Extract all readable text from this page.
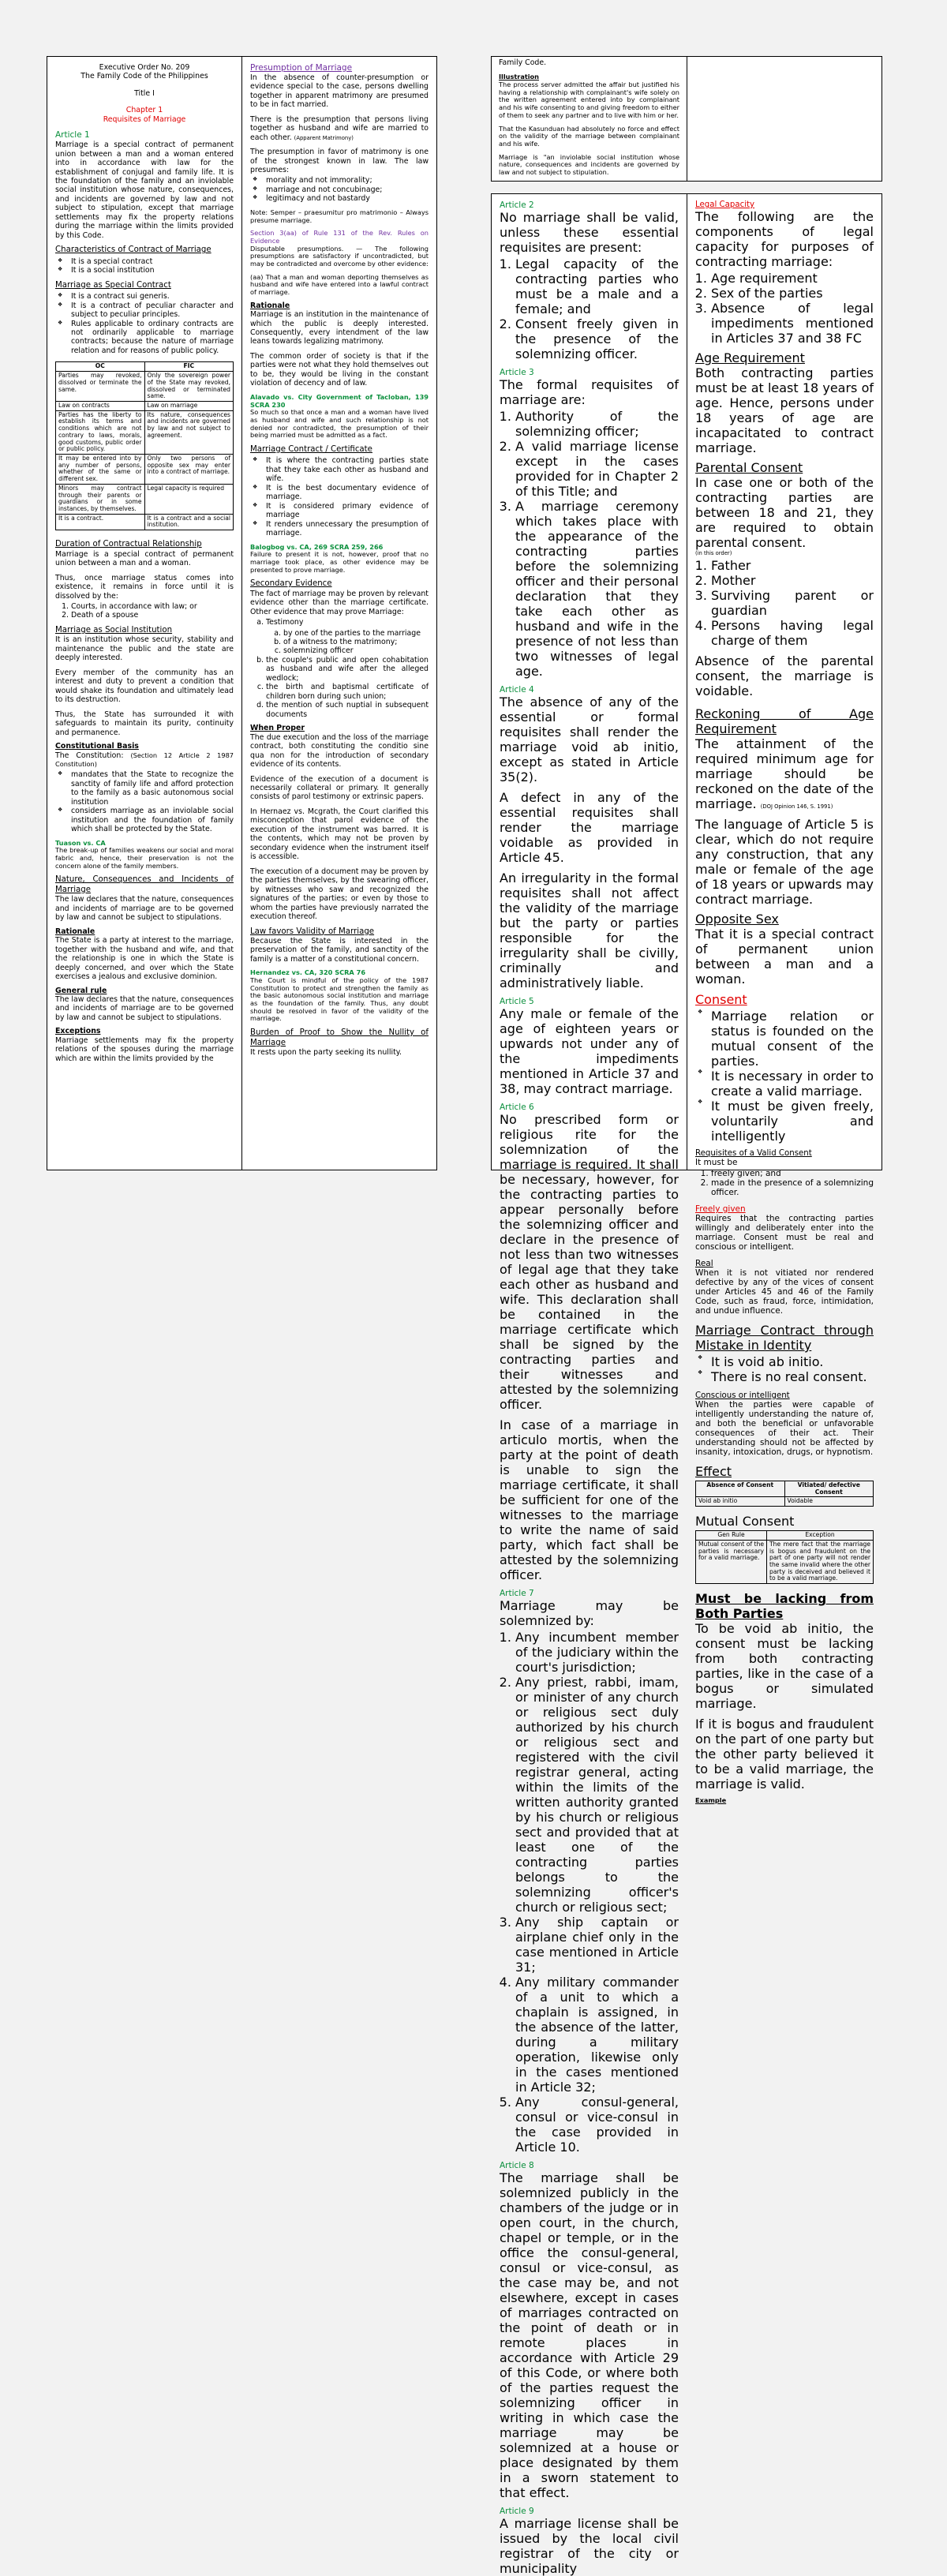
Executive Order No. 209

The Family Code of the Philippines

Title I

Chapter 1

Requisites of Marriage

Article 1
Marriage is a special contract of permanent union between a man and a woman entered into in accordance with law for the establishment of conjugal and family life. It is the foundation of the family and an inviolable social institution whose nature, consequences, and incidents are governed by law and not subject to stipulation, except that marriage settlements may fix the property relations during the marriage within the limits provided by this Code.
Characteristics of Contract of Marriage
❖ It is a special contract
❖ It is a social institution
Marriage as Special Contract
❖ It is a contract sui generis.
❖ It is a contract of peculiar character and subject to peculiar principles.
❖ Rules applicable to ordinary contracts are not ordinarily applicable to marriage contracts; because the nature of marriage relation and for reasons of public policy.
OC	FIC
Parties may revoked, dissolved or terminate the same.	Only the sovereign power of the State may revoked, dissolved or terminated same.
Law on contracts	Law on marriage
Parties has the liberty to establish its terms and conditions which are not contrary to laws, morals, good customs, public order or public policy.	Its nature, consequences and incidents are governed by law and not subject to agreement.
It may be entered into by any number of persons, whether of the same or different sex.	Only two persons of opposite sex may enter into a contract of marriage.
Minors may contract through their parents or guardians or in some instances, by themselves.	Legal capacity is required
It is a contract.	It is a contract and a social institution.
Duration of Contractual Relationship
Marriage is a special contract of permanent union between a man and a woman.

Thus, once marriage status comes into existence, it remains in force until it is dissolved by the:

1. Courts, in accordance with law; or
2. Death of a spouse
Marriage as Social Institution
It is an institution whose security, stability and maintenance the public and the state are deeply interested.

Every member of the community has an interest and duty to prevent a condition that would shake its foundation and ultimately lead to its destruction.

Thus, the State has surrounded it with safeguards to maintain its purity, continuity and permanence.

Constitutional Basis
The Constitution: (Section 12 Article 2 1987 Constitution)
❖ mandates that the State to recognize the sanctity of family life and afford protection to the family as a basic autonomous social institution
❖ considers marriage as an inviolable social institution and the foundation of family which shall be protected by the State.

Tuason vs. CA

The break-up of families weakens our social and moral fabric and, hence, their preservation is not the concern alone of the family members.
Nature, Consequences and Incidents of Marriage
The law declares that the nature, consequences and incidents of marriage are to be governed by law and cannot be subject to stipulations.
Rationale
The State is a party at interest to the marriage, together with the husband and wife, and that the relationship is one in which the State is deeply concerned, and over which the State exercises a jealous and exclusive dominion.
General rule
The law declares that the nature, consequences and incidents of marriage are to be governed by law and cannot be subject to stipulations.
Exceptions
Marriage settlements may fix the property relations of the spouses during the marriage which are within the limits provided by the
Presumption of Marriage
In the absence of counter-presumption or evidence special to the case, persons dwelling together in apparent matrimony are presumed to be in fact married.

There is the presumption that persons living together as husband and wife are married to each other. (Apparent Matrimony)

The presumption in favor of matrimony is one of the strongest known in law. The law presumes:

❖ morality and not immorality;
❖ marriage and not concubinage;
❖ legitimacy and not bastardy

Note: Semper – praesumitur pro matrimonio – Always presume marriage.

Section 3(aa) of Rule 131 of the Rev. Rules on Evidence

Disputable presumptions. — The following presumptions are satisfactory if uncontradicted, but may be contradicted and overcome by other evidence:

(aa) That a man and woman deporting themselves as husband and wife have entered into a lawful contract of marriage.

Rationale
Marriage is an institution in the maintenance of which the public is deeply interested. Consequently, every intendment of the law leans towards legalizing matrimony.

The common order of society is that if the parties were not what they hold themselves out to be, they would be living in the constant violation of decency and of law.

Alavado vs. City Government of Tacloban, 139 SCRA 230

So much so that once a man and a woman have lived as husband and wife and such relationship is not denied nor contradicted, the presumption of their being married must be admitted as a fact.
Marriage Contract / Certificate
❖ It is where the contracting parties state that they take each other as husband and wife.
❖ It is the best documentary evidence of marriage.
❖ It is considered primary evidence of marriage
❖ It renders unnecessary the presumption of marriage.

Balogbog vs. CA, 269 SCRA 259, 266

Failure to present it is not, however, proof that no marriage took place, as other evidence may be presented to prove marriage.
Secondary Evidence
The fact of marriage may be proven by relevant evidence other than the marriage certificate. Other evidence that may prove Marriage:
a. Testimony
a. by one of the parties to the marriage
b. of a witness to the matrimony;
c. solemnizing officer
b. the couple's public and open cohabitation as husband and wife after the alleged wedlock;
c. the birth and baptismal certificate of children born during such union;
d. the mention of such nuptial in subsequent documents
When Proper
The due execution and the loss of the marriage contract, both constituting the conditio sine qua non for the introduction of secondary evidence of its contents.

Evidence of the execution of a document is necessarily collateral or primary. It generally consists of parol testimony or extrinsic papers.

In Hernaez vs. Mcgrath, the Court clarified this misconception that parol evidence of the execution of the instrument was barred. It is the contents, which may not be proven by secondary evidence when the instrument itself is accessible.

The execution of a document may be proven by the parties themselves, by the swearing officer, by witnesses who saw and recognized the signatures of the parties; or even by those to whom the parties have previously narrated the execution thereof.

Law favors Validity of Marriage
Because the State is interested in the preservation of the family, and sanctity of the family is a matter of a constitutional concern.

Hernandez vs. CA, 320 SCRA 76

The Court is mindful of the policy of the 1987 Constitution to protect and strengthen the family as the basic autonomous social institution and marriage as the foundation of the family. Thus, any doubt should be resolved in favor of the validity of the marriage.
Burden of Proof to Show the Nullity of Marriage
It rests upon the party seeking its nullity.
Family Code.
Illustration
The process server admitted the affair but justified his having a relationship with complainant's wife solely on the written agreement entered into by complainant and his wife consenting to and giving freedom to either of them to seek any partner and to live with him or her.

That the Kasunduan had absolutely no force and effect on the validity of the marriage between complainant and his wife.

Marriage is "an inviolable social institution whose nature, consequences and incidents are governed by law and not subject to stipulation.

Article 2
No marriage shall be valid, unless these essential requisites are present:
1. Legal capacity of the contracting parties who must be a male and a female; and
2. Consent freely given in the presence of the solemnizing officer.
Article 3
The formal requisites of marriage are:
1. Authority of the solemnizing officer;
2. A valid marriage license except in the cases provided for in Chapter 2 of this Title; and
3. A marriage ceremony which takes place with the appearance of the contracting parties before the solemnizing officer and their personal declaration that they take each other as husband and wife in the presence of not less than two witnesses of legal age.
Article 4
The absence of any of the essential or formal requisites shall render the marriage void ab initio, except as stated in Article 35(2).

A defect in any of the essential requisites shall render the marriage voidable as provided in Article 45.

An irregularity in the formal requisites shall not affect the validity of the marriage but the party or parties responsible for the irregularity shall be civilly, criminally and administratively liable.

Article 5
Any male or female of the age of eighteen years or upwards not under any of the impediments mentioned in Article 37 and 38, may contract marriage.
Article 6
No prescribed form or religious rite for the solemnization of the marriage is required. It shall be necessary, however, for the contracting parties to appear personally before the solemnizing officer and declare in the presence of not less than two witnesses of legal age that they take each other as husband and wife. This declaration shall be contained in the marriage certificate which shall be signed by the contracting parties and their witnesses and attested by the solemnizing officer.

In case of a marriage in articulo mortis, when the party at the point of death is unable to sign the marriage certificate, it shall be sufficient for one of the witnesses to the marriage to write the name of said party, which fact shall be attested by the solemnizing officer.

Article 7
Marriage may be solemnized by:
1. Any incumbent member of the judiciary within the court's jurisdiction;
2. Any priest, rabbi, imam, or minister of any church or religious sect duly authorized by his church or religious sect and registered with the civil registrar general, acting within the limits of the written authority granted by his church or religious sect and provided that at least one of the contracting parties belongs to the solemnizing officer's church or religious sect;
3. Any ship captain or airplane chief only in the case mentioned in Article 31;
4. Any military commander of a unit to which a chaplain is assigned, in the absence of the latter, during a military operation, likewise only in the cases mentioned in Article 32;
5. Any consul-general, consul or vice-consul in the case provided in Article 10.
Article 8
The marriage shall be solemnized publicly in the chambers of the judge or in open court, in the church, chapel or temple, or in the office the consul-general, consul or vice-consul, as the case may be, and not elsewhere, except in cases of marriages contracted on the point of death or in remote places in accordance with Article 29 of this Code, or where both of the parties request the solemnizing officer in writing in which case the marriage may be solemnized at a house or place designated by them in a sworn statement to that effect.
Article 9
A marriage license shall be issued by the local civil registrar of the city or municipality
Legal Capacity
The following are the components of legal capacity for purposes of contracting marriage:
1. Age requirement
2. Sex of the parties
3. Absence of legal impediments mentioned in Articles 37 and 38 FC
Age Requirement
Both contracting parties must be at least 18 years of age. Hence, persons under 18 years of age are incapacitated to contract marriage.
Parental Consent
In case one or both of the contracting parties are between 18 and 21, they are required to obtain parental consent.
(in this order)
1. Father
2. Mother
3. Surviving parent or guardian
4. Persons having legal charge of them

Absence of the parental consent, the marriage is voidable.

Reckoning of Age Requirement
The attainment of the required minimum age for marriage should be reckoned on the date of the marriage. (DOJ Opinion 146, S. 1991)

The language of Article 5 is clear, which do not require any construction, that any male or female of the age of 18 years or upwards may contract marriage.

Opposite Sex
That it is a special contract of permanent union between a man and a woman.
Consent
❖ Marriage relation or status is founded on the mutual consent of the parties.
❖ It is necessary in order to create a valid marriage.
❖ It must be given freely, voluntarily and intelligently
Requisites of a Valid Consent
It must be
1. freely given; and
2. made in the presence of a solemnizing officer.
Freely given
Requires that the contracting parties willingly and deliberately enter into the marriage. Consent must be real and conscious or intelligent.
Real
When it is not vitiated nor rendered defective by any of the vices of consent under Articles 45 and 46 of the Family Code, such as fraud, force, intimidation, and undue influence.
Marriage Contract through Mistake in Identity
❖ It is void ab initio.
❖ There is no real consent.
Conscious or intelligent
When the parties were capable of intelligently understanding the nature of, and both the beneficial or unfavorable consequences of their act. Their understanding should not be affected by insanity, intoxication, drugs, or hypnotism.
Effect
Absence of Consent	Vitiated/ defective Consent
Void ab initio	Voidable
Mutual Consent
Gen Rule	Exception
Mutual consent of the parties is necessary for a valid marriage.	The mere fact that the marriage is bogus and fraudulent on the part of one party will not render the same invalid where the other party is deceived and believed it to be a valid marriage.
Must be lacking from Both Parties
To be void ab initio, the consent must be lacking from both contracting parties, like in the case of a bogus or simulated marriage.

If it is bogus and fraudulent on the part of one party but the other party believed it to be a valid marriage, the marriage is valid.

Example
